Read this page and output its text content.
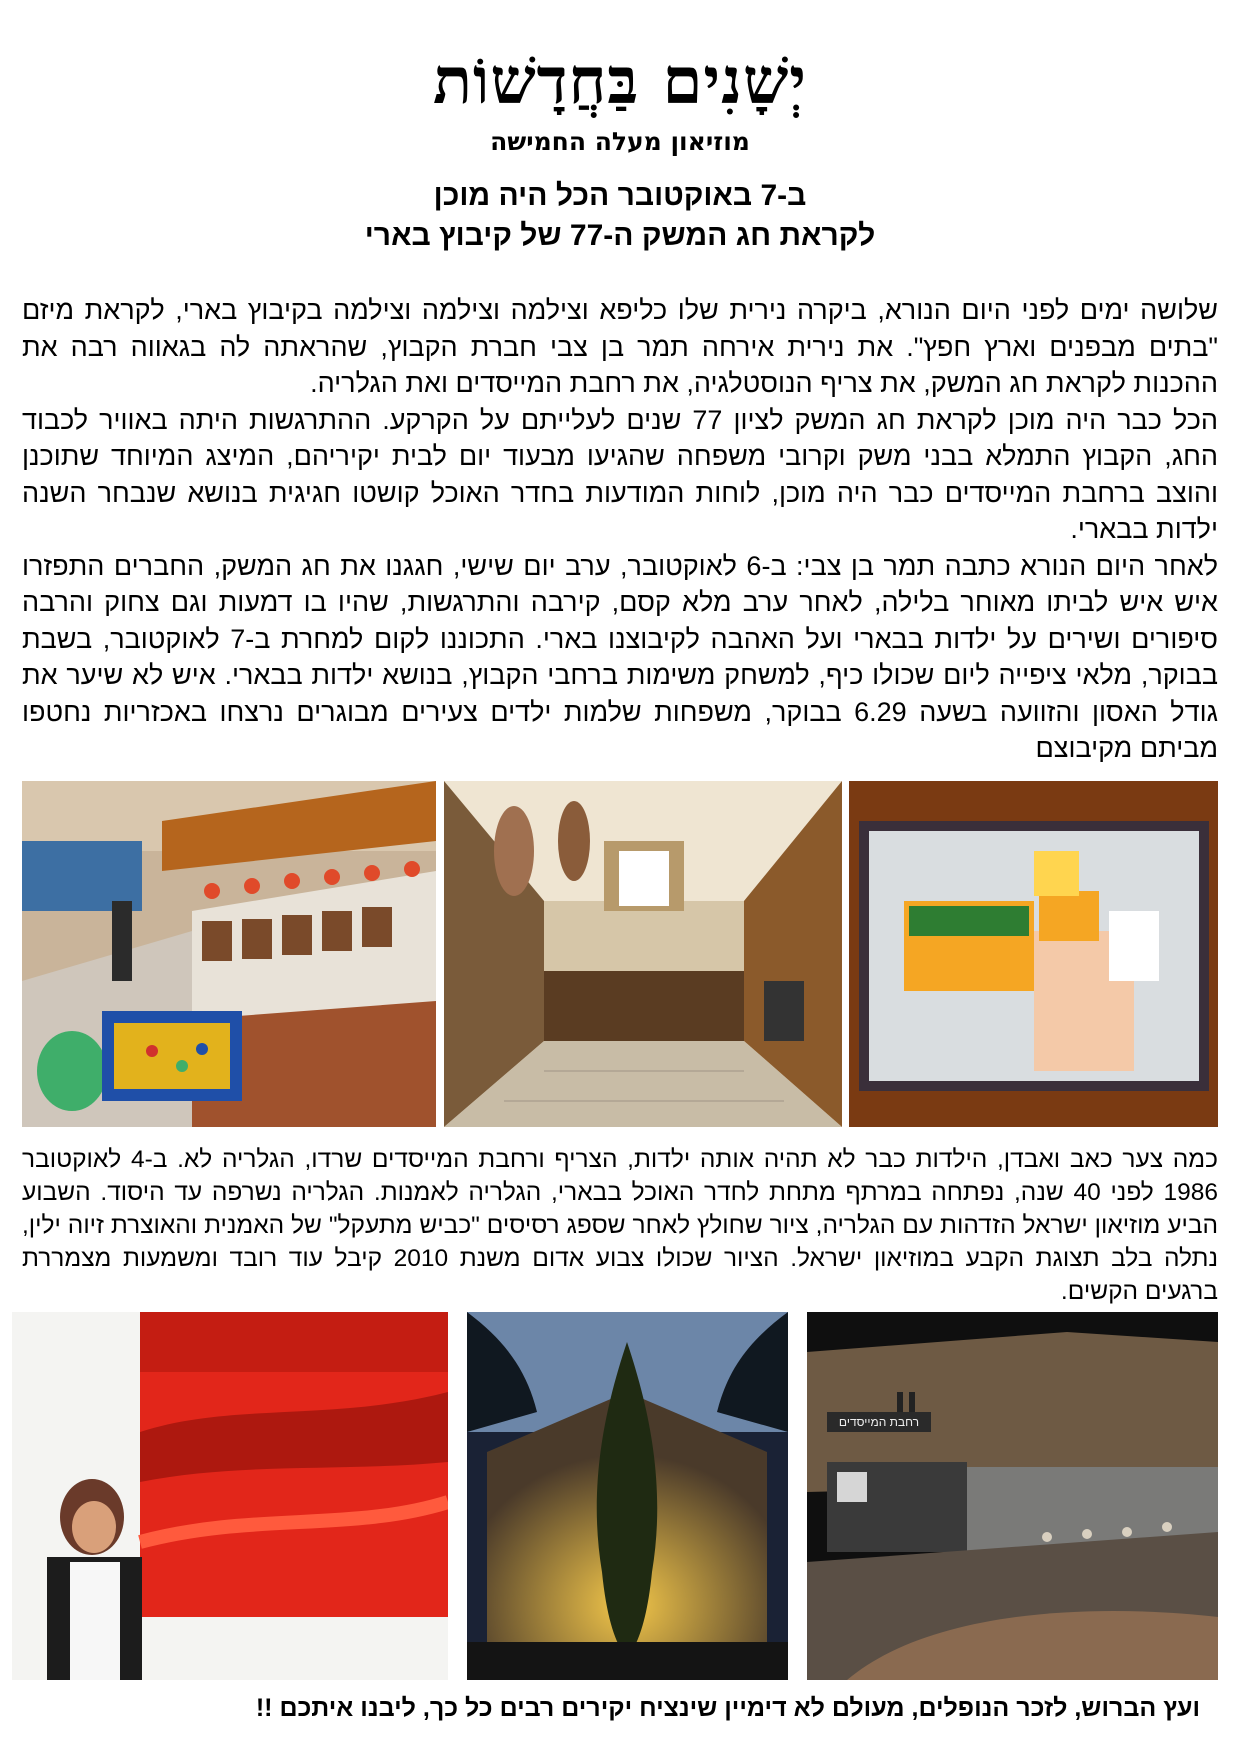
יְשָׁנִים בַּחֲדָשׁוֹת
מוזיאון מעלה החמישה
ב-7 באוקטובר הכל היה מוכן
לקראת חג המשק ה-77 של קיבוץ בארי

שלושה ימים לפני היום הנורא, ביקרה נירית שלו כליפא וצילמה וצילמה וצילמה בקיבוץ בארי, לקראת מיזם "בתים מבפנים וארץ חפץ". את נירית אירחה תמר בן צבי חברת הקבוץ, שהראתה לה בגאווה רבה את ההכנות לקראת חג המשק, את צריף הנוסטלגיה, את רחבת המייסדים ואת הגלריה.

הכל כבר היה מוכן לקראת חג המשק לציון 77 שנים לעלייתם על הקרקע. ההתרגשות היתה באוויר לכבוד החג, הקבוץ התמלא בבני משק וקרובי משפחה שהגיעו מבעוד יום לבית יקיריהם, המיצג המיוחד שתוכנן והוצב ברחבת המייסדים כבר היה מוכן, לוחות המודעות בחדר האוכל קושטו חגיגית בנושא שנבחר השנה ילדות בבארי.

לאחר היום הנורא כתבה תמר בן צבי: ב-6 לאוקטובר, ערב יום שישי, חגגנו את חג המשק, החברים התפזרו איש איש לביתו מאוחר בלילה, לאחר ערב מלא קסם, קירבה והתרגשות, שהיו בו דמעות וגם צחוק והרבה סיפורים ושירים על ילדות בבארי ועל האהבה לקיבוצנו בארי. התכוננו לקום למחרת ב-7 לאוקטובר, בשבת בבוקר, מלאי ציפייה ליום שכולו כיף, למשחק משימות ברחבי הקבוץ, בנושא ילדות בבארי. איש לא שיער את גודל האסון והזוועה בשעה 6.29 בבוקר, משפחות שלמות ילדים צעירים מבוגרים נרצחו באכזריות נחטפו מביתם מקיבוצם

כמה צער כאב ואבדן, הילדות כבר לא תהיה אותה ילדות, הצריף ורחבת המייסדים שרדו, הגלריה לא. ב-4 לאוקטובר 1986 לפני 40 שנה, נפתחה במרתף מתחת לחדר האוכל בבארי, הגלריה לאמנות. הגלריה נשרפה עד היסוד. השבוע הביע מוזיאון ישראל הזדהות עם הגלריה, ציור שחולץ לאחר שספג רסיסים "כביש מתעקל" של האמנית והאוצרת זיוה ילין, נתלה בלב תצוגת הקבע במוזיאון ישראל. הציור שכולו צבוע אדום משנת 2010 קיבל עוד רובד ומשמעות מצמררת ברגעים הקשים.

רחבת המייסדים
ועץ הברוש, לזכר הנופלים, מעולם לא דימיין שינציח יקירים רבים כל כך, ליבנו איתכם !!
